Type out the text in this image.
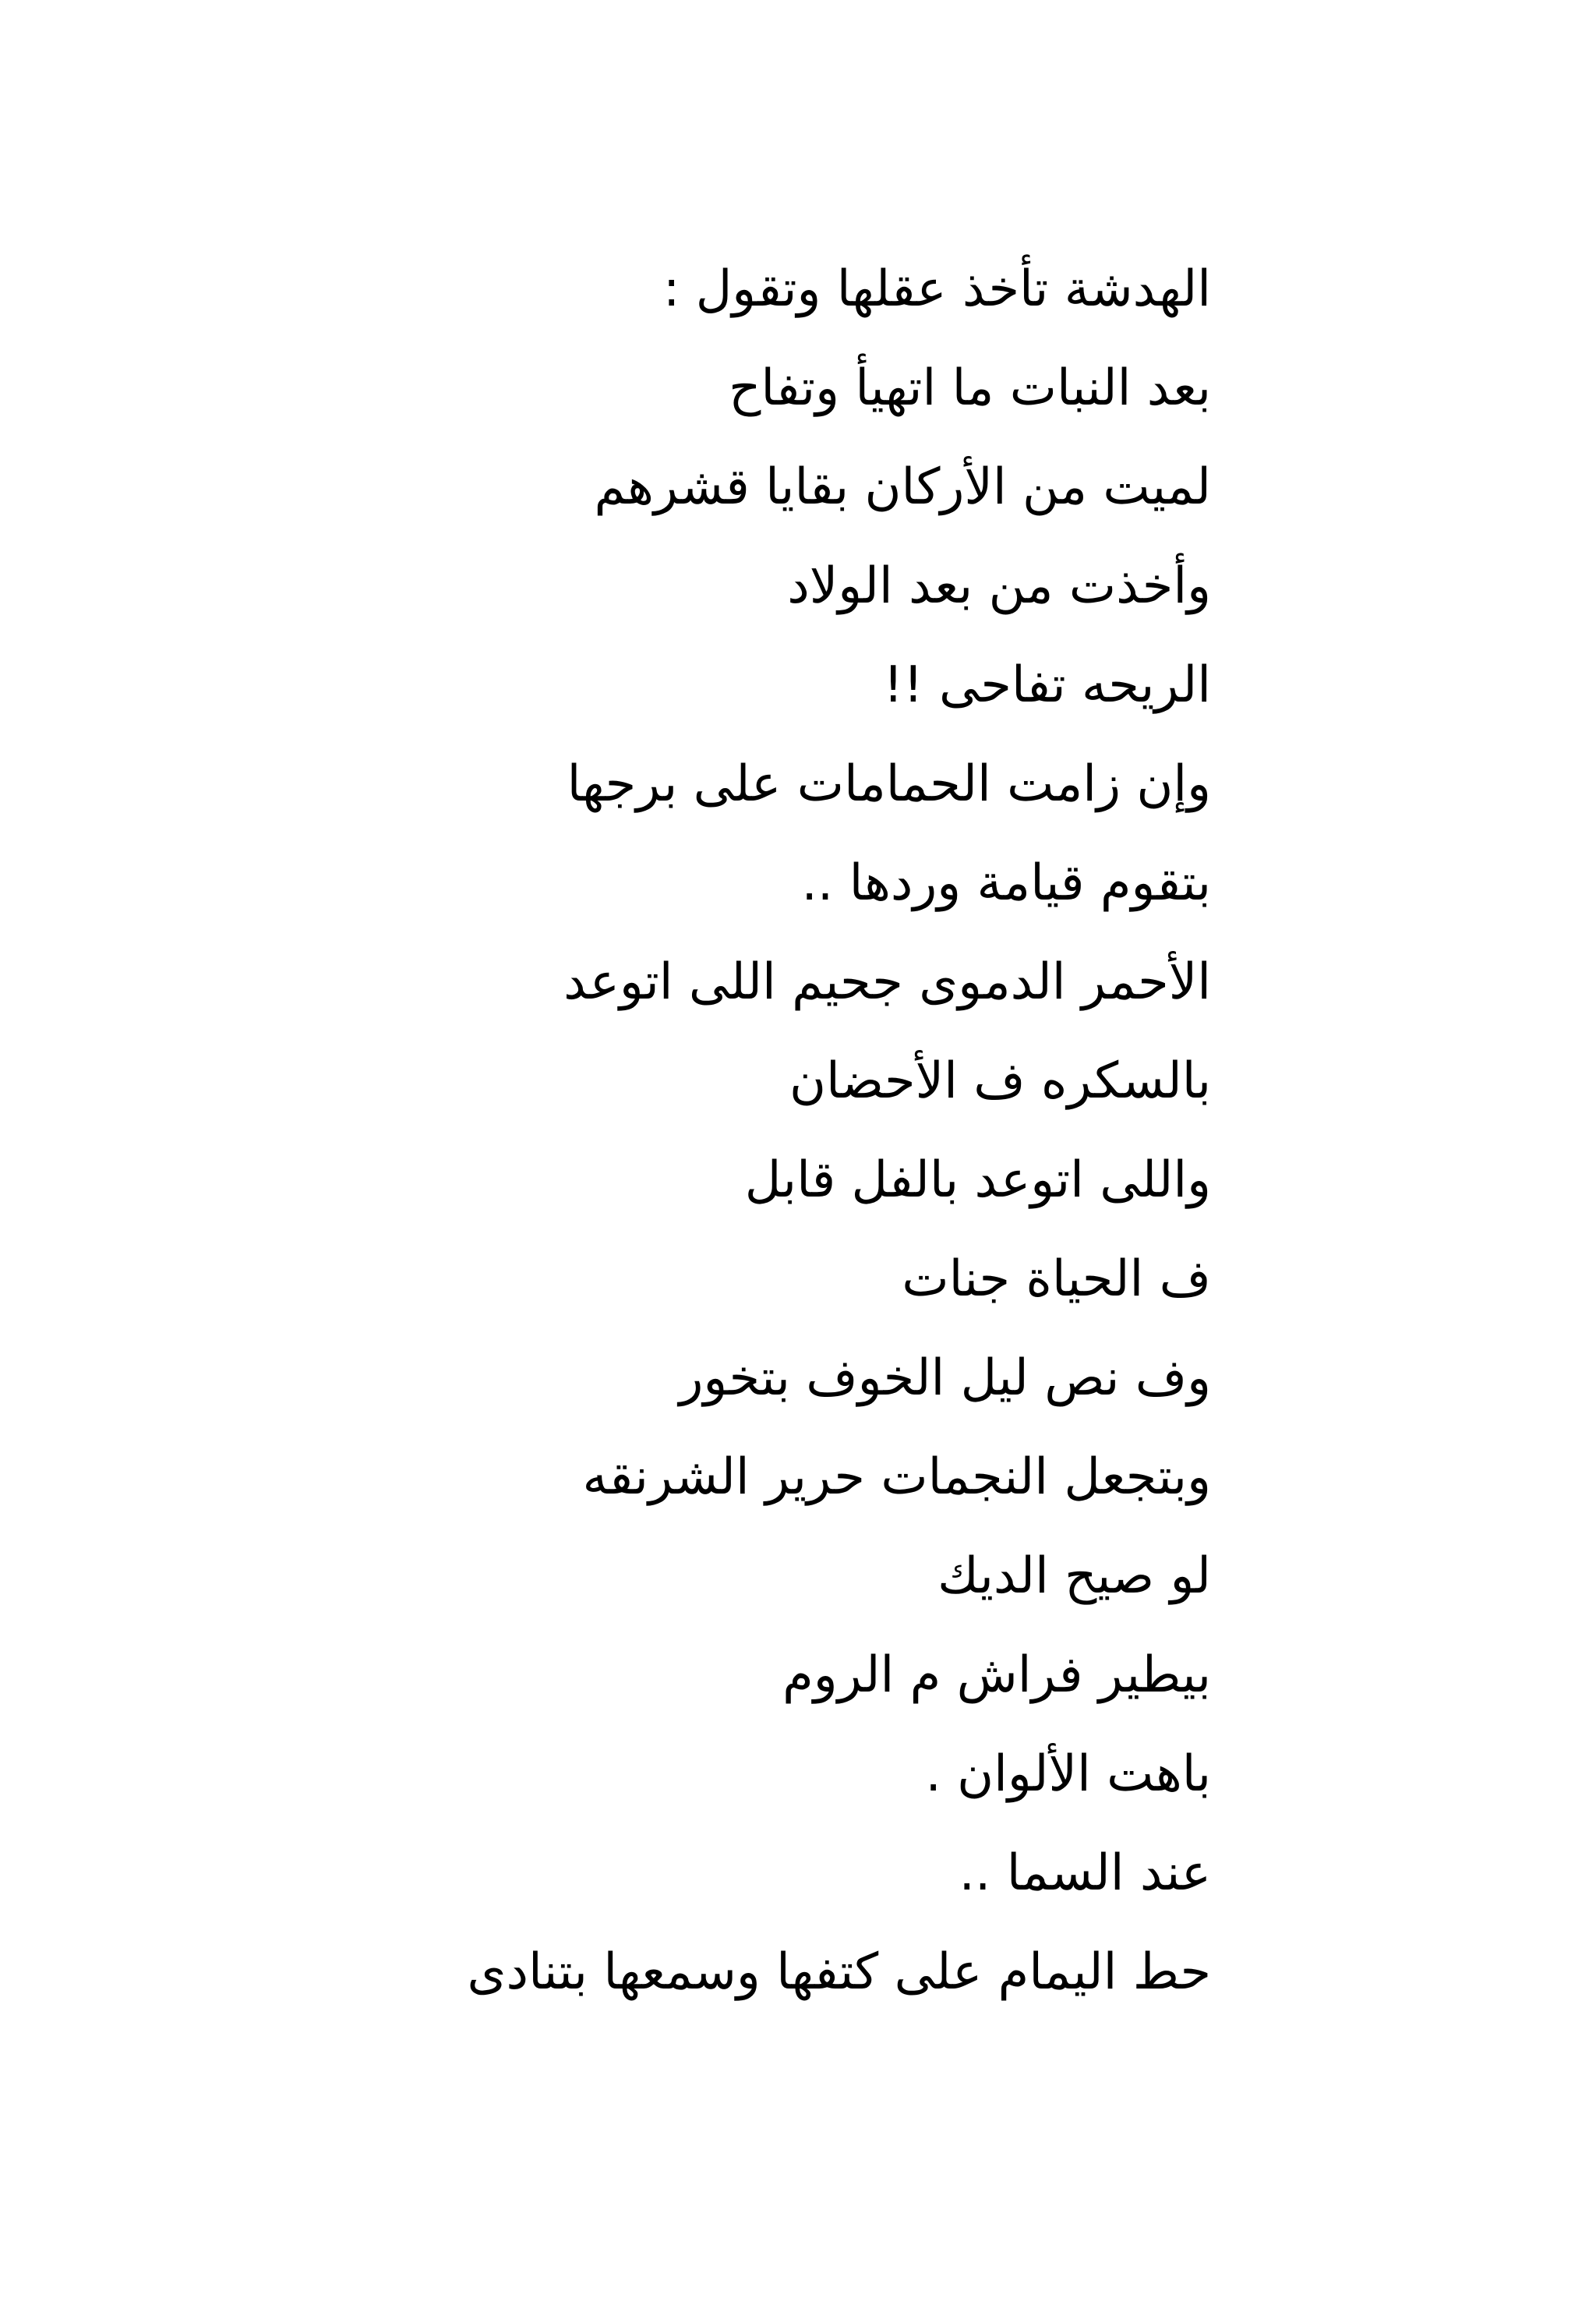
الهدشة تأخذ عقلها وتقول :
بعد النبات ما اتهيأ وتفاح
لميت من الأركان بقايا قشرهم
وأخذت من بعد الولاد
الريحه تفاحى !!
وإن زامت الحمامات على برجها
بتقوم قيامة وردها ..
الأحمر الدموى جحيم اللى اتوعد
بالسكره ف الأحضان
واللى اتوعد بالفل قابل
ف الحياة جنات
وف نص ليل الخوف بتخور
وبتجعل النجمات حرير الشرنقه
لو صيح الديك
بيطير فراش م الروم
باهت الألوان .
عند السما ..
حط اليمام على كتفها وسمعها بتنادى
